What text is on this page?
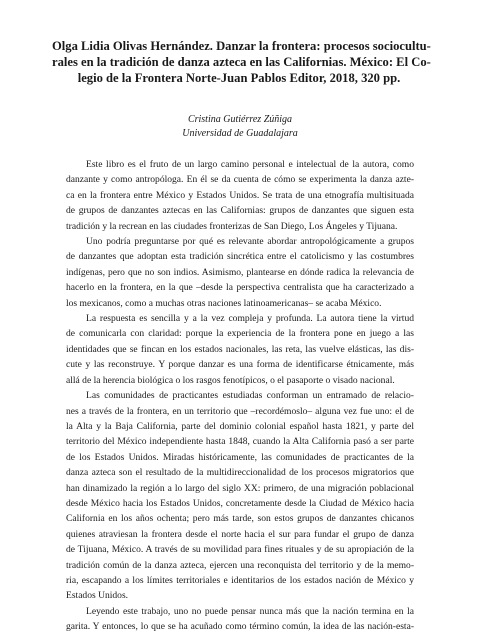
Olga Lidia Olivas Hernández. Danzar la frontera: procesos sociocultu-
rales en la tradición de danza azteca en las Californias. México: El Co-
legio de la Frontera Norte-Juan Pablos Editor, 2018, 320 pp.
Cristina Gutiérrez Zúñiga
Universidad de Guadalajara
Este libro es el fruto de un largo camino personal e intelectual de la autora, como
danzante y como antropóloga. En él se da cuenta de cómo se experimenta la danza azte-
ca en la frontera entre México y Estados Unidos. Se trata de una etnografía multisituada
de grupos de danzantes aztecas en las Californias: grupos de danzantes que siguen esta
tradición y la recrean en las ciudades fronterizas de San Diego, Los Ángeles y Tijuana.
Uno podría preguntarse por qué es relevante abordar antropológicamente a grupos
de danzantes que adoptan esta tradición sincrética entre el catolicismo y las costumbres
indígenas, pero que no son indios. Asimismo, plantearse en dónde radica la relevancia de
hacerlo en la frontera, en la que –desde la perspectiva centralista que ha caracterizado a
los mexicanos, como a muchas otras naciones latinoamericanas– se acaba México.
La respuesta es sencilla y a la vez compleja y profunda. La autora tiene la virtud
de comunicarla con claridad: porque la experiencia de la frontera pone en juego a las
identidades que se fincan en los estados nacionales, las reta, las vuelve elásticas, las dis-
cute y las reconstruye. Y porque danzar es una forma de identificarse étnicamente, más
allá de la herencia biológica o los rasgos fenotípicos, o el pasaporte o visado nacional.
Las comunidades de practicantes estudiadas conforman un entramado de relacio-
nes a través de la frontera, en un territorio que –recordémoslo– alguna vez fue uno: el de
la Alta y la Baja California, parte del dominio colonial español hasta 1821, y parte del
territorio del México independiente hasta 1848, cuando la Alta California pasó a ser parte
de los Estados Unidos. Miradas históricamente, las comunidades de practicantes de la
danza azteca son el resultado de la multidireccionalidad de los procesos migratorios que
han dinamizado la región a lo largo del siglo XX: primero, de una migración poblacional
desde México hacia los Estados Unidos, concretamente desde la Ciudad de México hacia
California en los años ochenta; pero más tarde, son estos grupos de danzantes chicanos
quienes atraviesan la frontera desde el norte hacia el sur para fundar el grupo de danza
de Tijuana, México. A través de su movilidad para fines rituales y de su apropiación de la
tradición común de la danza azteca, ejercen una reconquista del territorio y de la memo-
ria, escapando a los límites territoriales e identitarios de los estados nación de México y
Estados Unidos.
Leyendo este trabajo, uno no puede pensar nunca más que la nación termina en la
garita. Y entonces, lo que se ha acuñado como término común, la idea de las nación-esta-
